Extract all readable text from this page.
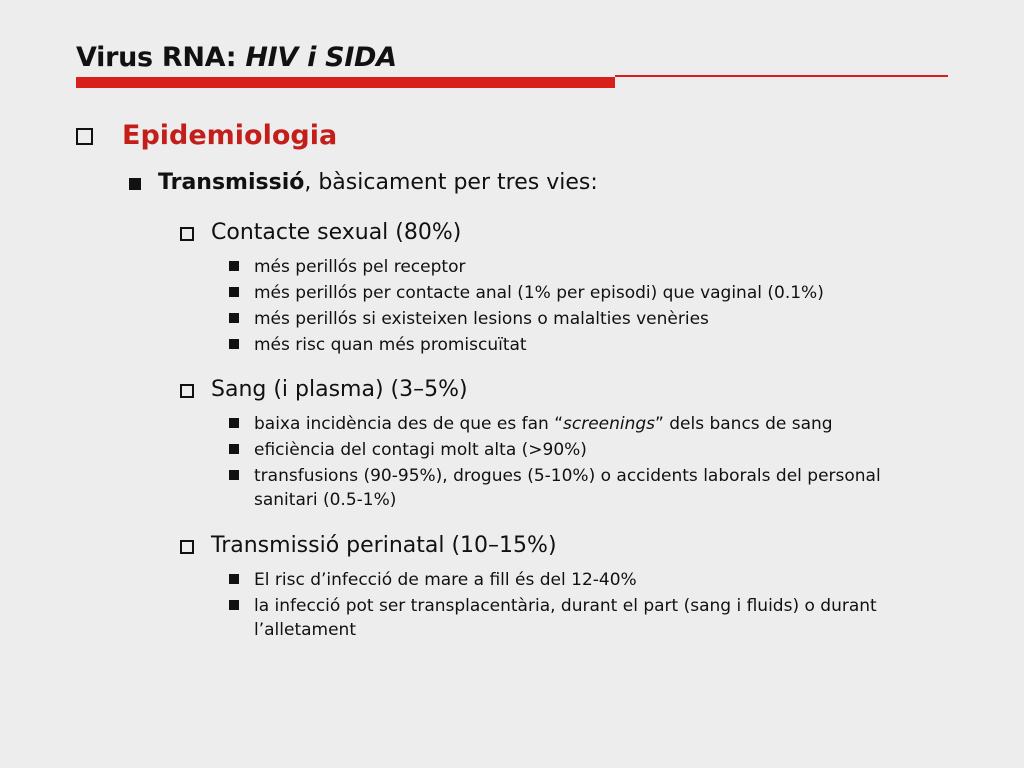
Virus RNA: HIV i SIDA
Epidemiologia
Transmissió, bàsicament per tres vies:
Contacte sexual (80%)
més perillós pel receptor
més perillós per contacte anal (1% per episodi) que vaginal (0.1%)
més perillós si existeixen lesions o malalties venèries
més risc quan més promiscuïtat
Sang (i plasma) (3–5%)
baixa incidència des de que es fan “screenings” dels bancs de sang
eficiència del contagi molt alta (>90%)
transfusions (90-95%), drogues (5-10%) o accidents laborals del personal sanitari (0.5-1%)
Transmissió perinatal (10–15%)
El risc d’infecció de mare a fill és del 12-40%
la infecció pot ser transplacentària, durant el part (sang i fluids) o durant l’alletament
